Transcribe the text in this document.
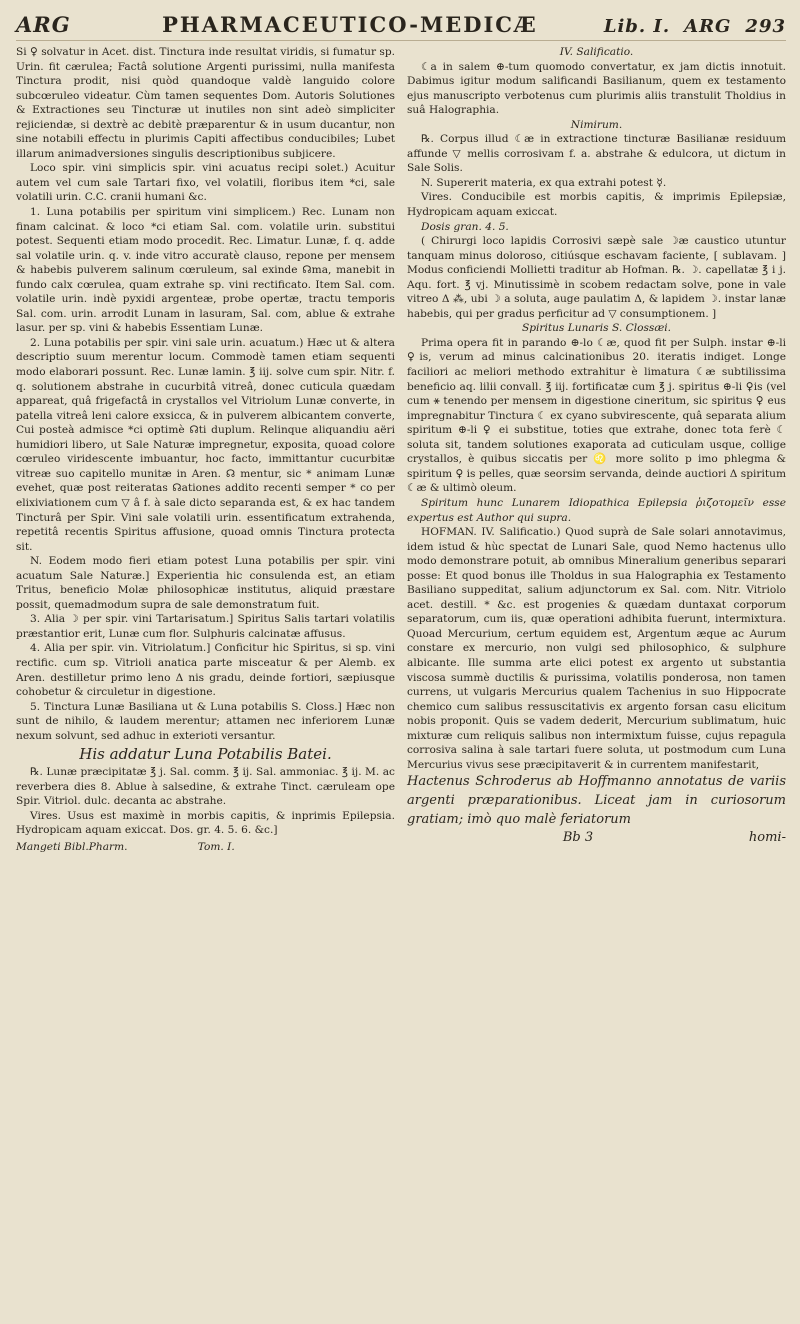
ARG	PHARMACEUTICO-MEDICÆ	Lib. I. ARG 293

Si ♀ solvatur in Acet. dist. Tinctura inde resultat viridis, si fumatur sp. Urin. fit cærulea; Factâ solutione Argenti purissimi, nulla manifesta Tinctura prodit, nisi quòd quandoque valdè languido colore subcœruleo videatur. Cùm tamen sequentes Dom. Autoris Solutiones & Extractiones seu Tincturæ ut inutiles non sint adeò simpliciter rejiciendæ, si dextrè ac debitè præparentur & in usum ducantur, non sine notabili effectu in plurimis Capiti affectibus conducibiles; Lubet illarum animadversiones singulis descriptionibus subjicere.

Loco spir. vini simplicis spir. vini acuatus recipi solet.) Acuitur autem vel cum sale Tartari fixo, vel volatili, floribus item *ci, sale volatili urin. C.C. cranii humani &c.

1. Luna potabilis per spiritum vini simplicem.) Rec. Lunam non finam calcinat. & loco *ci etiam Sal. com. volatile urin. substitui potest. Sequenti etiam modo procedit. Rec. Limatur. Lunæ, f. q. adde sal volatile urin. q. v. inde vitro accuratè clauso, repone per mensem & habebis pulverem salinum cœruleum, sal exinde ☊ma, manebit in fundo calx cœrulea, quam extrahe sp. vini rectificato. Item Sal. com. volatile urin. indè pyxidi argenteæ, probe opertæ, tractu temporis Sal. com. urin. arrodit Lunam in lasuram, Sal. com, ablue & extrahe lasur. per sp. vini & habebis Essentiam Lunæ.

2. Luna potabilis per spir. vini sale urin. acuatum.) Hæc ut & altera descriptio suum merentur locum. Commodè tamen etiam sequenti modo elaborari possunt. Rec. Lunæ lamin. ℥ iij. solve cum spir. Nitr. f. q. solutionem abstrahe in cucurbitâ vitreâ, donec cuticula quædam appareat, quâ frigefactâ in crystallos vel Vitriolum Lunæ converte, in patella vitreâ leni calore exsicca, & in pulverem albicantem converte, Cui posteà admisce *ci optimè ☊ti duplum. Relinque aliquandiu aëri humidiori libero, ut Sale Naturæ impregnetur, exposita, quoad colore cœruleo viridescente imbuantur, hoc facto, immittantur cucurbitæ vitreæ suo capitello munitæ in Aren. ☊ mentur, sic * animam Lunæ evehet, quæ post reiteratas ☊ationes addito recenti semper * co per elixiviationem cum ▽ â f. à sale dicto separanda est, & ex hac tandem Tincturâ per Spir. Vini sale volatili urin. essentificatum extrahenda, repetitâ recentis Spiritus affusione, quoad omnis Tinctura protecta sit.

N. Eodem modo fieri etiam potest Luna potabilis per spir. vini acuatum Sale Naturæ.] Experientia hic consulenda est, an etiam Tritus, beneficio Molæ philosophicæ institutus, aliquid præstare possit, quemadmodum supra de sale demonstratum fuit.

3. Alia ☽ per spir. vini Tartarisatum.] Spiritus Salis tartari volatilis præstantior erit, Lunæ cum flor. Sulphuris calcinatæ affusus.

4. Alia per spir. vin. Vitriolatum.] Conficitur hic Spiritus, si sp. vini rectific. cum sp. Vitrioli anatica parte misceatur & per Alemb. ex Aren. destilletur primo leno Δ nis gradu, deinde fortiori, sæpiusque cohobetur & circuletur in digestione.

5. Tinctura Lunæ Basiliana ut & Luna potabilis S. Closs.] Hæc non sunt de nihilo, & laudem merentur; attamen nec inferiorem Lunæ nexum solvunt, sed adhuc in exterioti versantur.

His addatur Luna Potabilis Batei.

℞. Lunæ præcipitatæ ℥ j. Sal. comm. ℥ ij. Sal. ammoniac. ℥ ij. M. ac reverbera dies 8. Ablue à salsedine, & extrahe Tinct. cæruleam ope Spir. Vitriol. dulc. decanta ac abstrahe.

Vires. Usus est maximè in morbis capitis, & inprimis Epilepsia. Hydropicam aquam exiccat. Dos. gr. 4. 5. 6. &c.]

Mangeti Bibl.Pharm.	Tom. I.

IV. Salificatio.

☾a in salem ⊕-tum quomodo convertatur, ex jam dictis innotuit. Dabimus igitur modum salificandi Basilianum, quem ex testamento ejus manuscripto verbotenus cum plurimis aliis transtulit Tholdius in suâ Halographia.

Nimirum.

℞. Corpus illud ☾æ in extractione tincturæ Basilianæ residuum affunde ▽ mellis corrosivam f. a. abstrahe & edulcora, ut dictum in Sale Solis.

N. Supererit materia, ex qua extrahi potest ☿.

Vires. Conducibile est morbis capitis, & imprimis Epilepsiæ, Hydropicam aquam exiccat.

Dosis gran. 4. 5.

( Chirurgi loco lapidis Corrosivi sæpè sale ☽æ caustico utuntur tanquam minus doloroso, citiúsque eschavam faciente, [ sublavam. ] Modus conficiendi Mollietti traditur ab Hofman. ℞. ☽. capellatæ ℥ i j. Aqu. fort. ℥ vj. Minutissimè in scobem redactam solve, pone in vale vitreo Δ ⁂, ubi ☽ a soluta, auge paulatim Δ, & lapidem ☽. instar lanæ habebis, qui per gradus perficitur ad ▽ consumptionem. ]

Spiritus Lunaris S. Clossæi.

Prima opera fit in parando ⊕-lo ☾æ, quod fit per Sulph. instar ⊕-li ♀is, verum ad minus calcinationibus 20. iteratis indiget. Longe faciliori ac meliori methodo extrahitur è limatura ☾æ subtilissima beneficio aq. lilii convall. ℥ iij. fortificatæ cum ℥ j. spiritus ⊕-li ♀is (vel cum ⚹ tenendo per mensem in digestione cineritum, sic spiritus ♀ eus impregnabitur Tinctura ☾ ex cyano subvirescente, quâ separata alium spiritum ⊕-li ♀ ei substitue, toties que extrahe, donec tota ferè ☾ soluta sit, tandem solutiones exaporata ad cuticulam usque, collige crystallos, è quibus siccatis per ♌ more solito p imo phlegma & spiritum ♀ is pelles, quæ seorsim servanda, deinde auctiori Δ spiritum ☾æ & ultimò oleum.

Spiritum hunc Lunarem Idiopathica Epilepsia ῥιζοτομεῖν esse expertus est Author qui supra.

HOFMAN. IV. Salificatio.) Quod suprà de Sale solari annotavimus, idem istud & hùc spectat de Lunari Sale, quod Nemo hactenus ullo modo demonstrare potuit, ab omnibus Mineralium generibus separari posse: Et quod bonus ille Tholdus in sua Halographia ex Testamento Basiliano suppeditat, salium adjunctorum ex Sal. com. Nitr. Vitriolo acet. destill. * &c. est progenies & quædam duntaxat corporum separatorum, cum iis, quæ operationi adhibita fuerunt, intermixtura. Quoad Mercurium, certum equidem est, Argentum æque ac Aurum constare ex mercurio, non vulgi sed philosophico, & sulphure albicante. Ille summa arte elici potest ex argento ut substantia viscosa summè ductilis & purissima, volatilis ponderosa, non tamen currens, ut vulgaris Mercurius qualem Tachenius in suo Hippocrate chemico cum salibus ressuscitativis ex argento forsan casu elicitum nobis proponit. Quis se vadem dederit, Mercurium sublimatum, huic mixturæ cum reliquis salibus non intermixtum fuisse, cujus repagula corrosiva salina à sale tartari fuere soluta, ut postmodum cum Luna Mercurius vivus sese præcipitaverit & in currentem manifestarit,

Hactenus Schroderus ab Hoffmanno annotatus de variis argenti præparationibus. Liceat jam in curiosorum gratiam; imò quo malè feriatorum

Bb 3	homi-
